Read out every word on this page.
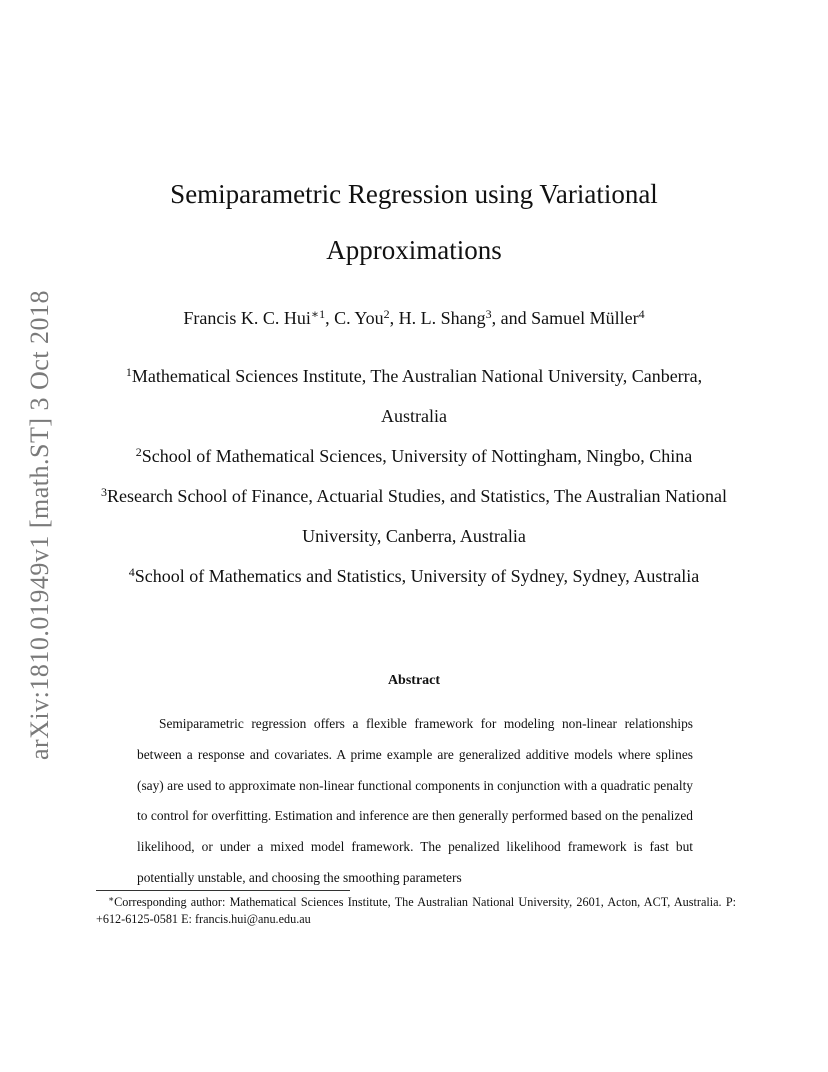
arXiv:1810.01949v1 [math.ST] 3 Oct 2018
Semiparametric Regression using Variational
Approximations
Francis K. C. Hui$^{∗1}$, C. You$^2$, H. L. Shang$^3$, and Samuel Müller$^4$
$^1$Mathematical Sciences Institute, The Australian National University, Canberra, Australia
$^2$School of Mathematical Sciences, University of Nottingham, Ningbo, China
$^3$Research School of Finance, Actuarial Studies, and Statistics, The Australian National University, Canberra, Australia
$^4$School of Mathematics and Statistics, University of Sydney, Sydney, Australia
Abstract
Semiparametric regression offers a flexible framework for modeling non-linear relationships between a response and covariates. A prime example are generalized additive models where splines (say) are used to approximate non-linear functional components in conjunction with a quadratic penalty to control for overfitting. Estimation and inference are then generally performed based on the penalized likelihood, or under a mixed model framework. The penalized likelihood framework is fast but potentially unstable, and choosing the smoothing parameters
∗Corresponding author: Mathematical Sciences Institute, The Australian National University, 2601, Acton, ACT, Australia. P: +612-6125-0581 E: francis.hui@anu.edu.au
